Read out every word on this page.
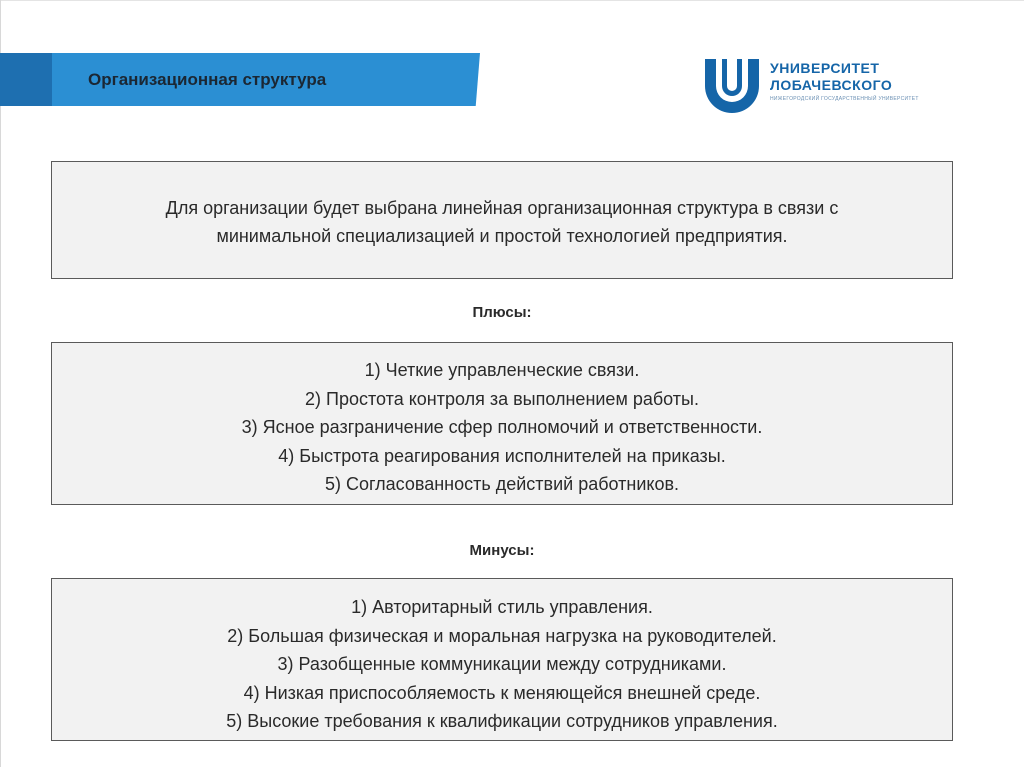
Организационная структура
УНИВЕРСИТЕТ
ЛОБАЧЕВСКОГО
НИЖЕГОРОДСКИЙ ГОСУДАРСТВЕННЫЙ УНИВЕРСИТЕТ
Для организации будет выбрана линейная организационная структура в связи с
минимальной специализацией и простой технологией предприятия.
Плюсы:
1) Четкие управленческие связи.
2) Простота контроля за выполнением работы.
3) Ясное разграничение сфер полномочий и ответственности.
4) Быстрота реагирования исполнителей на приказы.
5) Согласованность действий работников.
Минусы:
1) Авторитарный стиль управления.
2) Большая физическая и моральная нагрузка на руководителей.
3) Разобщенные коммуникации между сотрудниками.
4) Низкая приспособляемость к меняющейся внешней среде.
5) Высокие требования к квалификации сотрудников управления.
